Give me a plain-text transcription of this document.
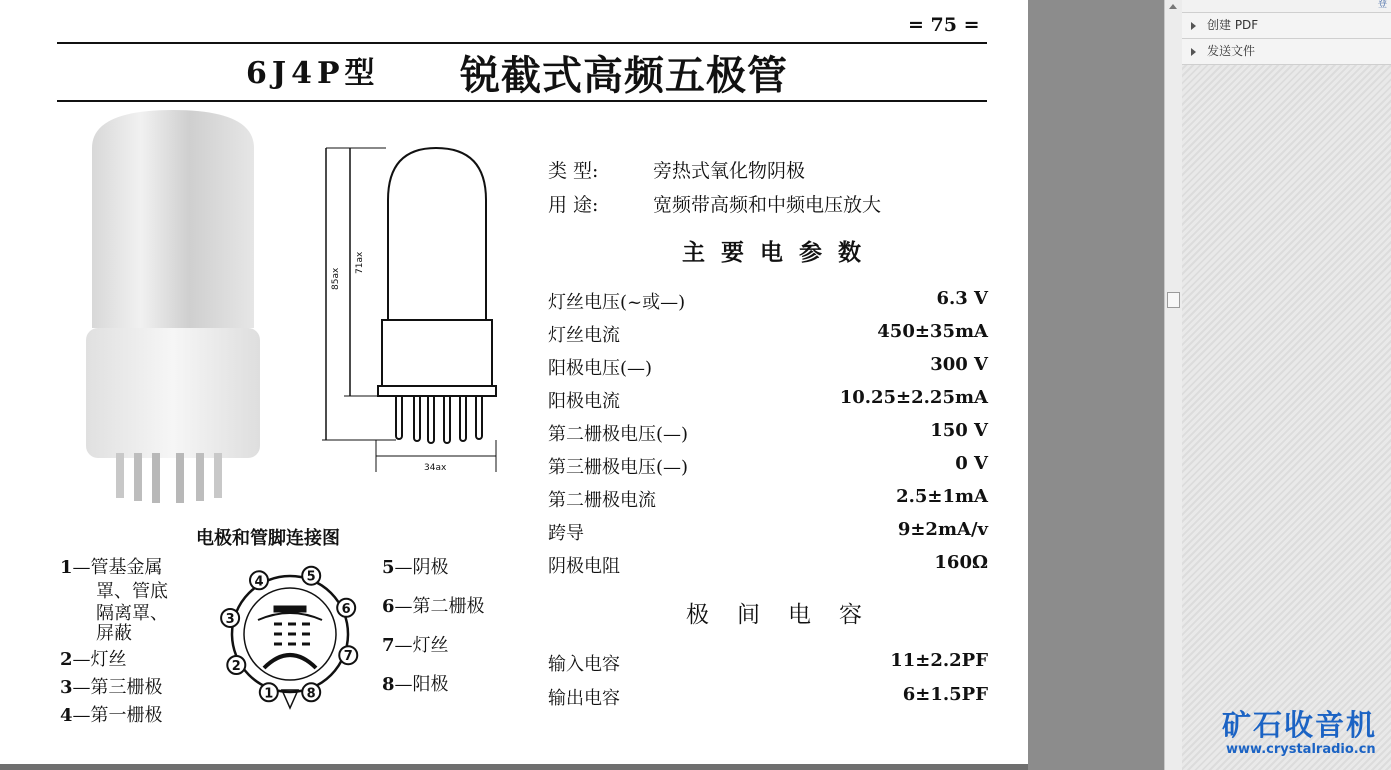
= 75 =
6J4P型 锐截式高频五极管
85ax
71ax
34ax
类 型:	旁热式氧化物阴极
用 途:	宽频带高频和中频电压放大
主要电参数
极间电容
电极和管脚连接图
1
2
3
4	5
6
7
8
灯丝电压(~或—)	6.3 V
灯丝电流	450±35mA
阳极电压(—)	300 V
阳极电流	10.25±2.25mA
第二栅极电压(—)	150 V
第三栅极电压(—)	0 V
第二栅极电流	2.5±1mA
跨导	9±2mA/v
阴极电阻	160Ω
输入电容	11±2.2PF
输出电容	6±1.5PF
1—管基金属
罩、管底
隔离罩、
屏蔽
2—灯丝
3—第三栅极
4—第一栅极
5—阴极
6—第二栅极
7—灯丝
8—阳极
登
创建 PDF
发送文件
矿石收音机
www.crystalradio.cn
